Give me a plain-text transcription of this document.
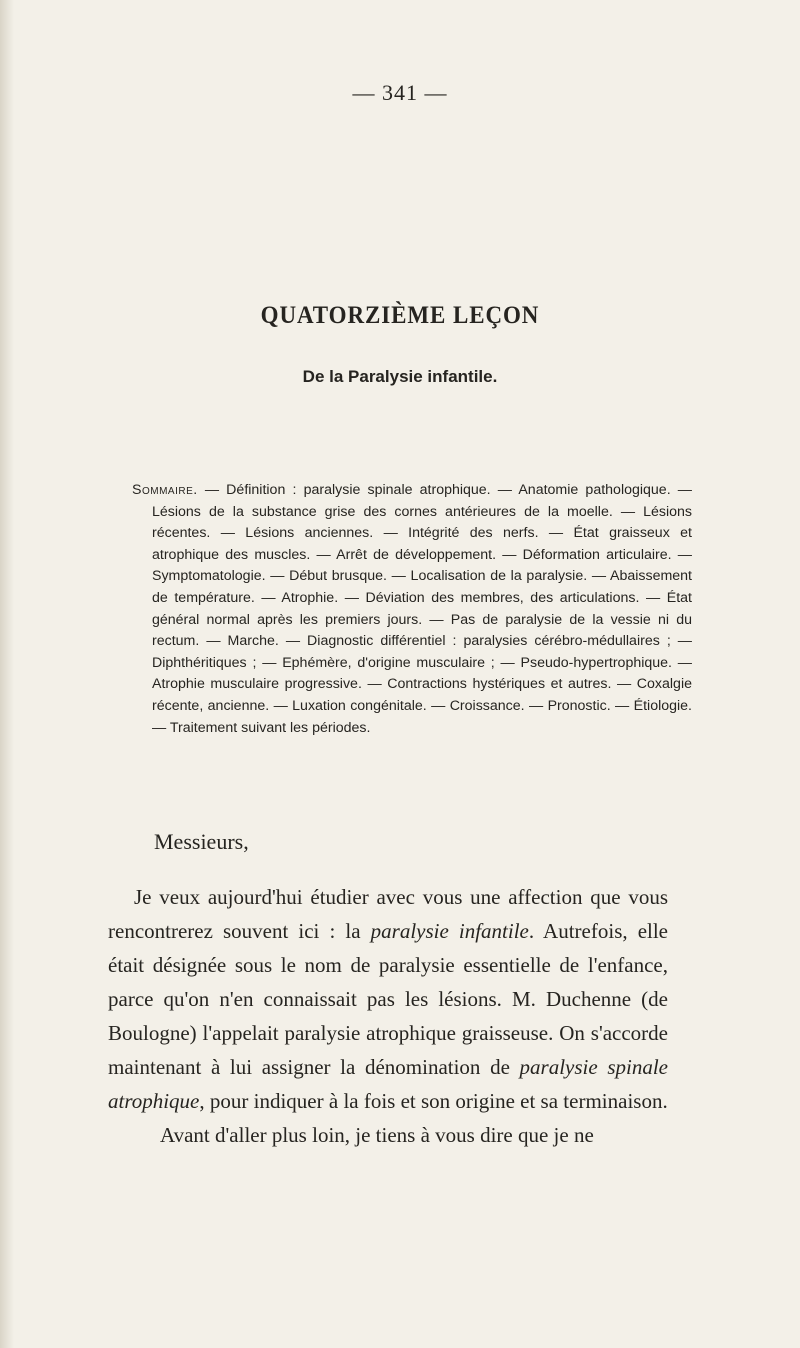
— 341 —
QUATORZIÈME LEÇON
De la Paralysie infantile.
Sommaire. — Définition : paralysie spinale atrophique. — Anatomie pathologique. — Lésions de la substance grise des cornes antérieures de la moelle. — Lésions récentes. — Lésions anciennes. — Intégrité des nerfs. — État graisseux et atrophique des muscles. — Arrêt de développement. — Déformation articulaire. — Symptomatologie. — Début brusque. — Localisation de la paralysie. — Abaissement de température. — Atrophie. — Déviation des membres, des articulations. — État général normal après les premiers jours. — Pas de paralysie de la vessie ni du rectum. — Marche. — Diagnostic différentiel : paralysies cérébro-médullaires ; — Diphthéritiques ; — Ephémère, d'origine musculaire ; — Pseudo-hypertrophique. — Atrophie musculaire progressive. — Contractions hystériques et autres. — Coxalgie récente, ancienne. — Luxation congénitale. — Croissance. — Pronostic. — Étiologie. — Traitement suivant les périodes.
Messieurs,
Je veux aujourd'hui étudier avec vous une affection que vous rencontrerez souvent ici : la paralysie infantile. Autrefois, elle était désignée sous le nom de paralysie essentielle de l'enfance, parce qu'on n'en connaissait pas les lésions. M. Duchenne (de Boulogne) l'appelait paralysie atrophique graisseuse. On s'accorde maintenant à lui assigner la dénomination de paralysie spinale atrophique, pour indiquer à la fois et son origine et sa terminaison.
Avant d'aller plus loin, je tiens à vous dire que je ne
